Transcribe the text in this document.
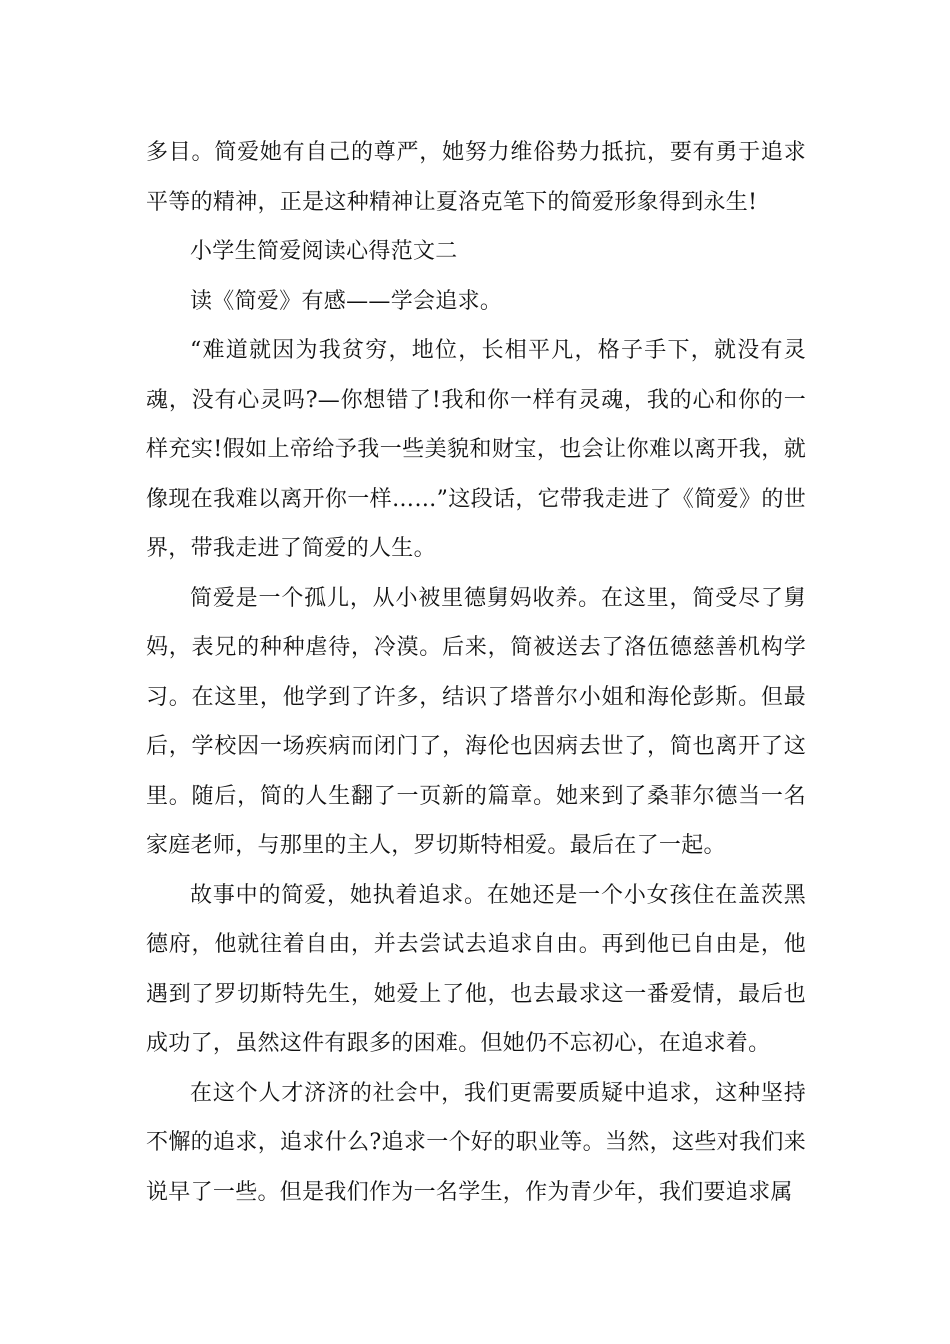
多目。简爱她有自己的尊严，她努力维俗势力抵抗，要有勇于追求平等的精神，正是这种精神让夏洛克笔下的简爱形象得到永生!

小学生简爱阅读心得范文二

读《简爱》有感——学会追求。

“难道就因为我贫穷，地位，长相平凡，格子手下，就没有灵魂，没有心灵吗?—你想错了!我和你一样有灵魂，我的心和你的一样充实!假如上帝给予我一些美貌和财宝，也会让你难以离开我，就像现在我难以离开你一样……”这段话，它带我走进了《简爱》的世界，带我走进了简爱的人生。

简爱是一个孤儿，从小被里德舅妈收养。在这里，简受尽了舅妈，表兄的种种虐待，冷漠。后来，简被送去了洛伍德慈善机构学习。在这里，他学到了许多，结识了塔普尔小姐和海伦彭斯。但最后，学校因一场疾病而闭门了，海伦也因病去世了，简也离开了这里。随后，简的人生翻了一页新的篇章。她来到了桑菲尔德当一名家庭老师，与那里的主人，罗切斯特相爱。最后在了一起。

故事中的简爱，她执着追求。在她还是一个小女孩住在盖茨黑德府，他就往着自由，并去尝试去追求自由。再到他已自由是，他遇到了罗切斯特先生，她爱上了他，也去最求这一番爱情，最后也成功了，虽然这件有跟多的困难。但她仍不忘初心，在追求着。

在这个人才济济的社会中，我们更需要质疑中追求，这种坚持不懈的追求，追求什么?追求一个好的职业等。当然，这些对我们来说早了一些。但是我们作为一名学生，作为青少年，我们要追求属
